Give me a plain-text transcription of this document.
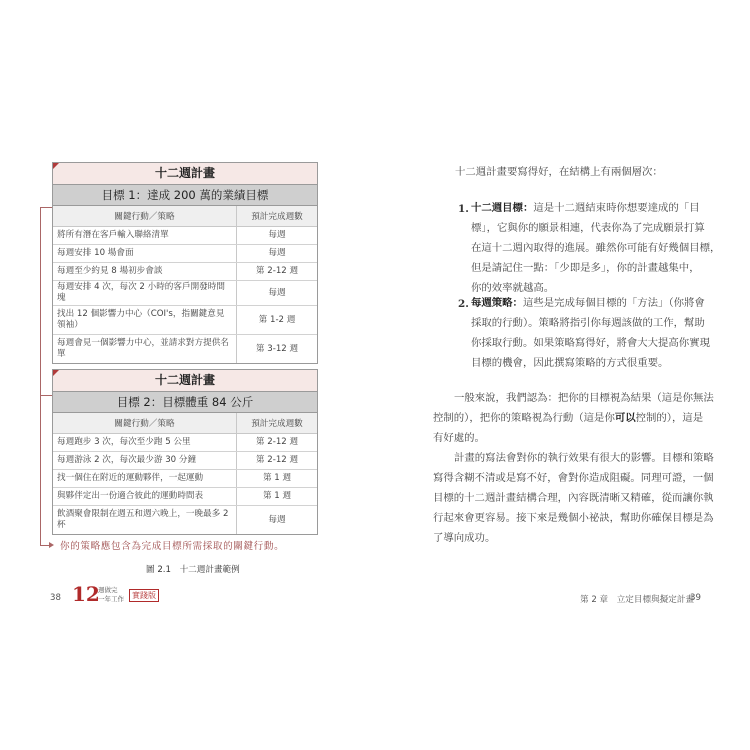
十二週計畫
目標 1：達成 200 萬的業績目標
關鍵行動／策略	預計完成週數
將所有潛在客戶輸入聯絡清單	每週
每週安排 10 場會面	每週
每週至少約見 8 場初步會談	第 2-12 週
每週安排 4 次，每次 2 小時的客戶開發時間塊	每週
找出 12 個影響力中心（COI's，指關鍵意見領袖）	第 1-2 週
每週會見一個影響力中心，並請求對方提供名單	第 3-12 週
十二週計畫
目標 2：目標體重 84 公斤
關鍵行動／策略	預計完成週數
每週跑步 3 次，每次至少跑 5 公里	第 2-12 週
每週游泳 2 次，每次最少游 30 分鐘	第 2-12 週
找一個住在附近的運動夥伴，一起運動	第 1 週
與夥伴定出一份適合彼此的運動時間表	第 1 週
飲酒聚會限制在週五和週六晚上，一晚最多 2 杯	每週
你的策略應包含為完成目標所需採取的關鍵行動。
圖 2.1　十二週計畫範例
38 12
週做完
一年工作	實踐版
十二週計畫要寫得好，在結構上有兩個層次：
1. 十二週目標：這是十二週結束時你想要達成的「目
標」，它與你的願景相連，代表你為了完成願景打算
在這十二週內取得的進展。雖然你可能有好幾個目標，
但是請記住一點：「少即是多」，你的計畫越集中，
你的效率就越高。
2. 每週策略：這些是完成每個目標的「方法」（你將會
採取的行動）。策略將指引你每週該做的工作，幫助
你採取行動。如果策略寫得好，將會大大提高你實現
目標的機會，因此撰寫策略的方式很重要。
一般來說，我們認為：把你的目標視為結果（這是你無法
控制的），把你的策略視為行動（這是你可以控制的），這是
有好處的。
計畫的寫法會對你的執行效果有很大的影響。目標和策略
寫得含糊不清或是寫不好，會對你造成阻礙。同理可證，一個
目標的十二週計畫結構合理，內容既清晰又精確，從而讓你執
行起來會更容易。接下來是幾個小祕訣，幫助你確保目標是為
了導向成功。
第 2 章　立定目標與擬定計畫
39
